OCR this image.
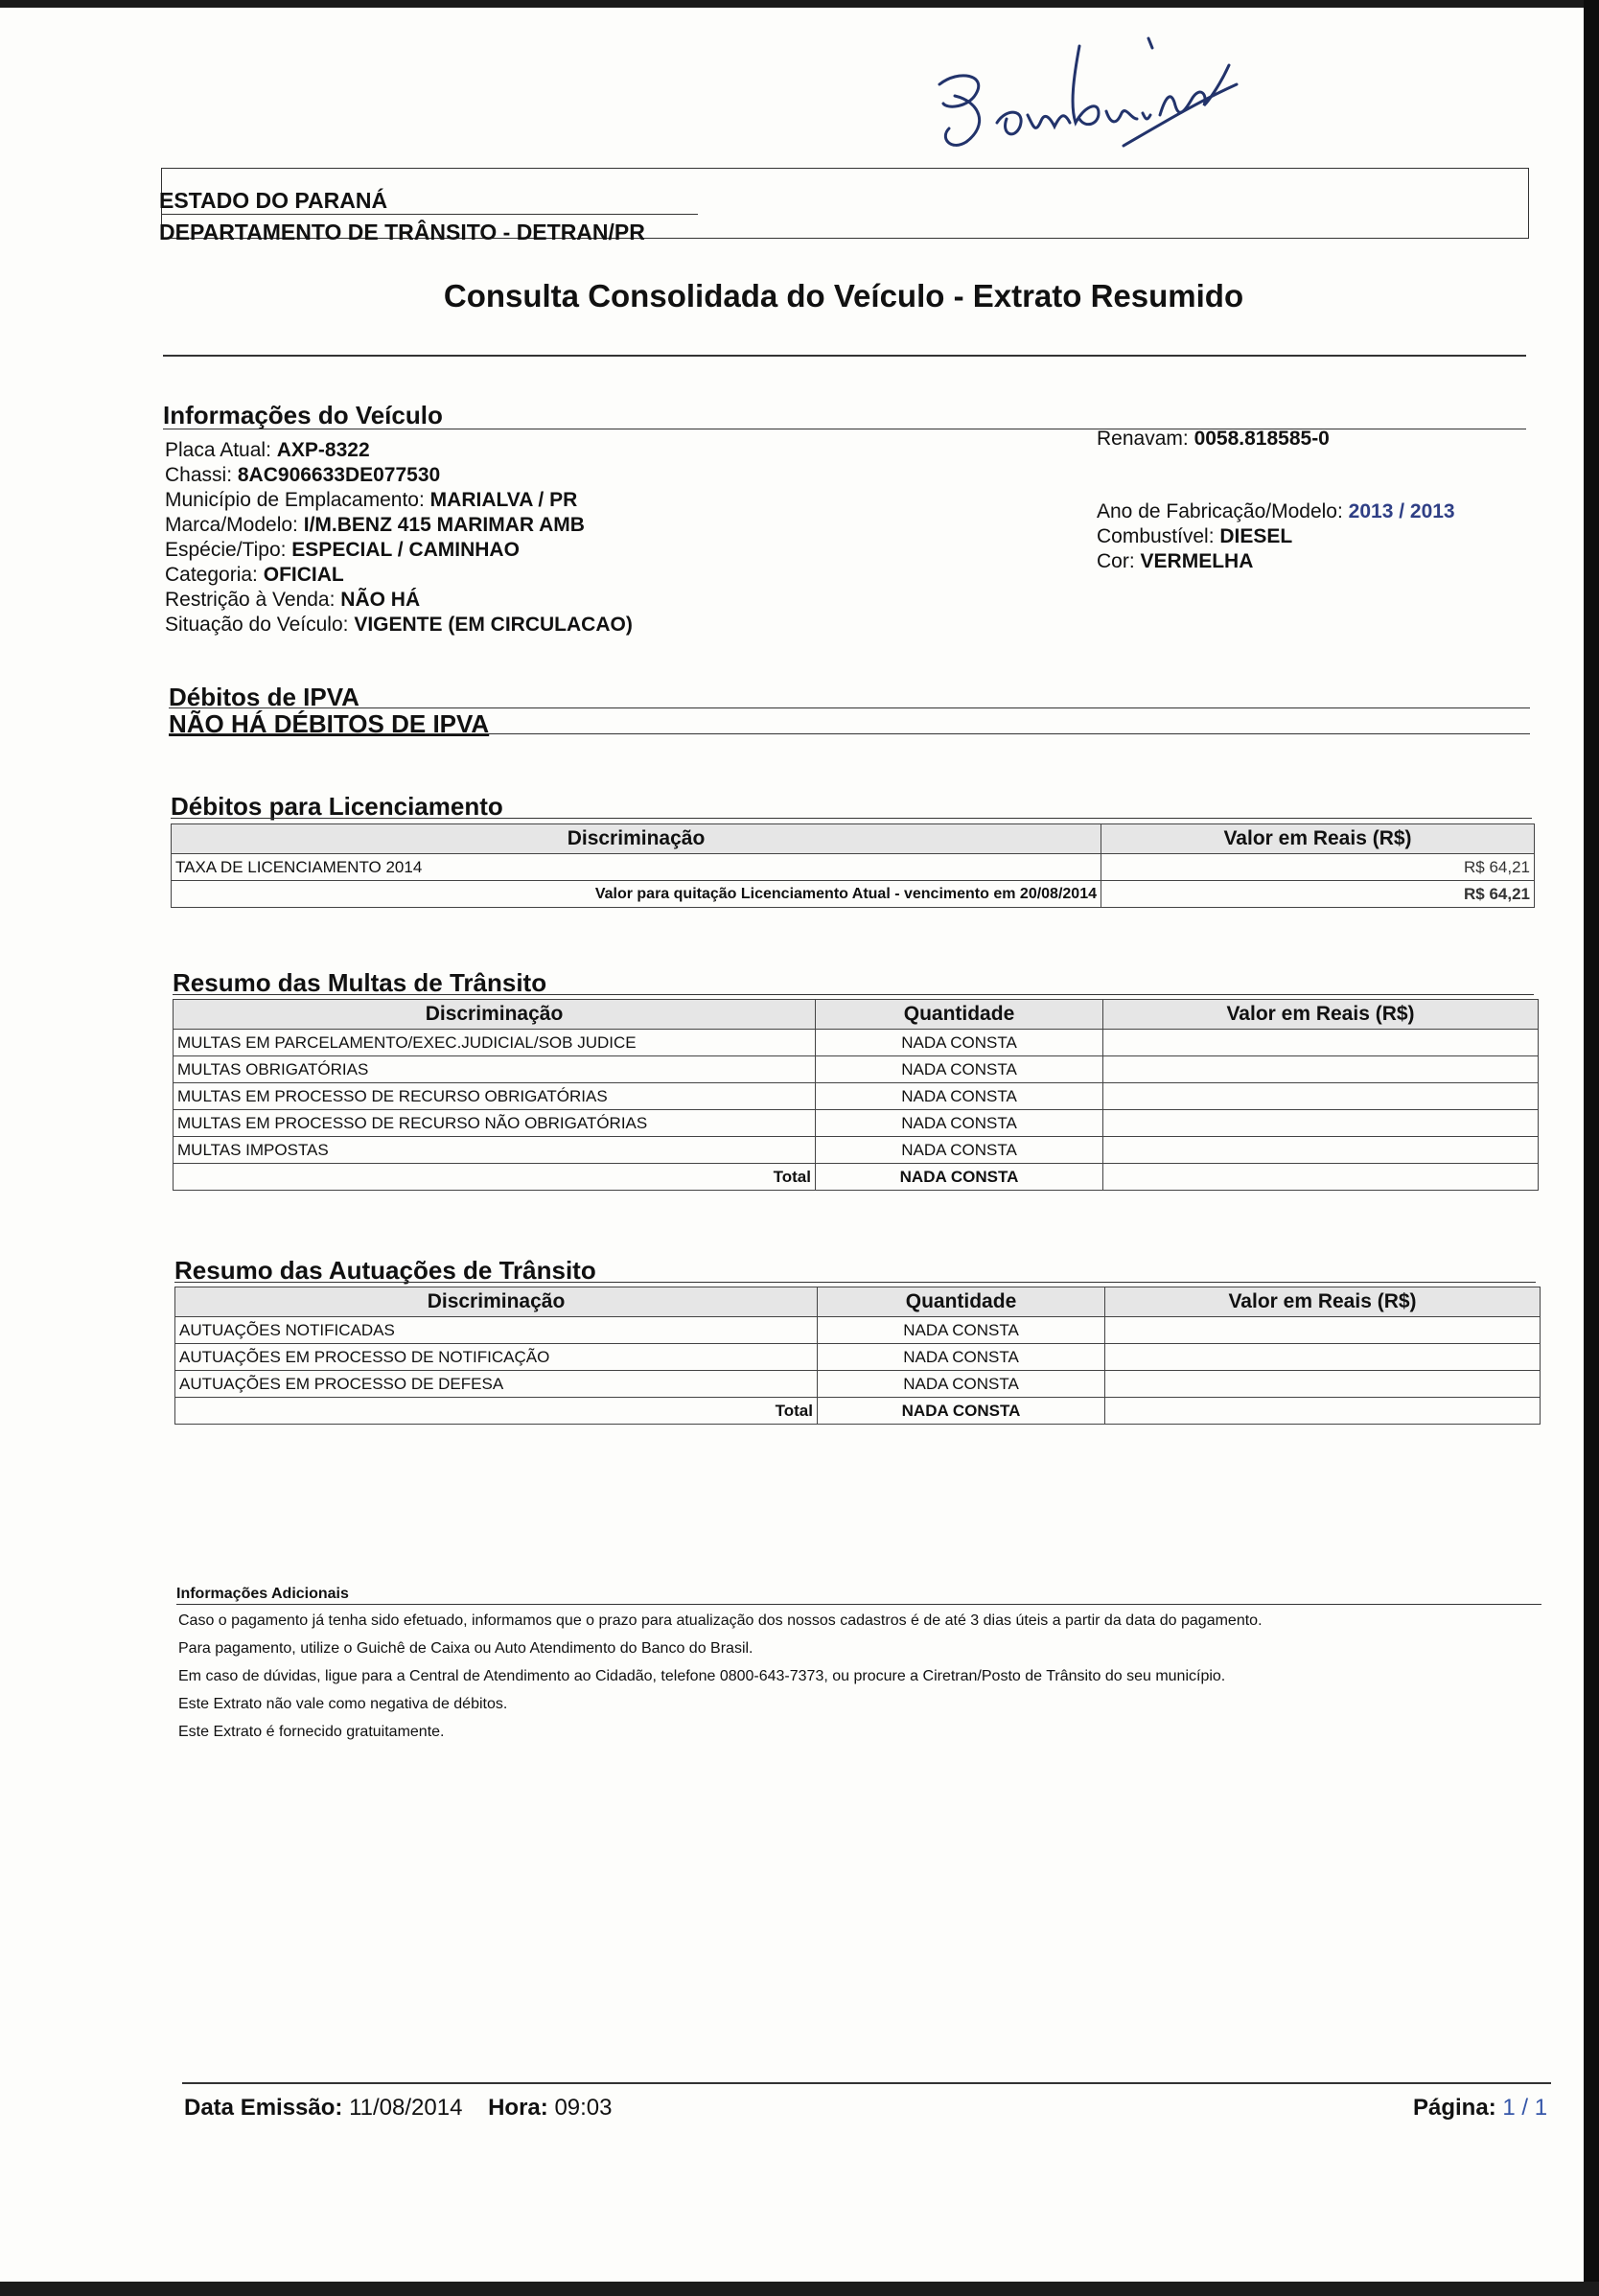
ESTADO DO PARANÁ
DEPARTAMENTO DE TRÂNSITO - DETRAN/PR
Consulta Consolidada do Veículo - Extrato Resumido
Informações do Veículo
Placa Atual: AXP-8322
Chassi: 8AC906633DE077530
Município de Emplacamento: MARIALVA / PR
Marca/Modelo: I/M.BENZ 415 MARIMAR AMB
Espécie/Tipo: ESPECIAL / CAMINHAO
Categoria: OFICIAL
Restrição à Venda: NÃO HÁ
Situação do Veículo: VIGENTE (EM CIRCULACAO)
Renavam: 0058.818585-0
Ano de Fabricação/Modelo: 2013 / 2013
Combustível: DIESEL
Cor: VERMELHA
Débitos de IPVA
NÃO HÁ DÉBITOS DE IPVA
Débitos para Licenciamento
Discriminação	Valor em Reais (R$)
TAXA DE LICENCIAMENTO 2014	R$ 64,21
Valor para quitação Licenciamento Atual - vencimento em 20/08/2014	R$ 64,21
Resumo das Multas de Trânsito
Discriminação	Quantidade	Valor em Reais (R$)
MULTAS EM PARCELAMENTO/EXEC.JUDICIAL/SOB JUDICE	NADA CONSTA	
MULTAS OBRIGATÓRIAS	NADA CONSTA	
MULTAS EM PROCESSO DE RECURSO OBRIGATÓRIAS	NADA CONSTA	
MULTAS EM PROCESSO DE RECURSO NÃO OBRIGATÓRIAS	NADA CONSTA	
MULTAS IMPOSTAS	NADA CONSTA	
Total	NADA CONSTA	
Resumo das Autuações de Trânsito
Discriminação	Quantidade	Valor em Reais (R$)
AUTUAÇÕES NOTIFICADAS	NADA CONSTA	
AUTUAÇÕES EM PROCESSO DE NOTIFICAÇÃO	NADA CONSTA	
AUTUAÇÕES EM PROCESSO DE DEFESA	NADA CONSTA	
Total	NADA CONSTA	
Informações Adicionais
Caso o pagamento já tenha sido efetuado, informamos que o prazo para atualização dos nossos cadastros é de até 3 dias úteis a partir da data do pagamento.
Para pagamento, utilize o Guichê de Caixa ou Auto Atendimento do Banco do Brasil.
Em caso de dúvidas, ligue para a Central de Atendimento ao Cidadão, telefone 0800-643-7373, ou procure a Ciretran/Posto de Trânsito do seu município.
Este Extrato não vale como negativa de débitos.
Este Extrato é fornecido gratuitamente.
Data Emissão: 11/08/2014 Hora: 09:03	Página: 1 / 1
